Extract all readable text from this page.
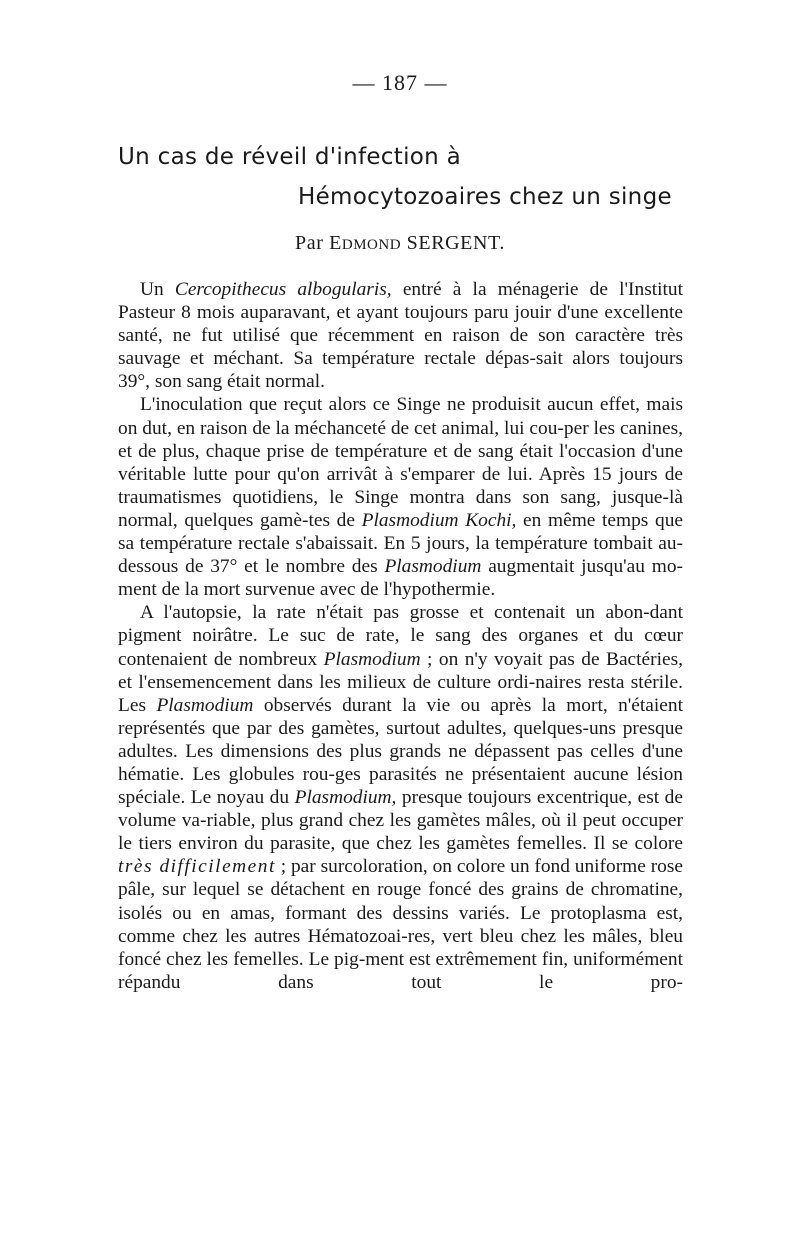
— 187 —
Un cas de réveil d'infection à
Hémocytozoaires chez un singe
Par EDMOND SERGENT.

Un Cercopithecus albogularis, entré à la ménagerie de l'Institut Pasteur 8 mois auparavant, et ayant toujours paru jouir d'une excellente santé, ne fut utilisé que récemment en raison de son caractère très sauvage et méchant. Sa température rectale dépas-sait alors toujours 39°, son sang était normal.

L'inoculation que reçut alors ce Singe ne produisit aucun effet, mais on dut, en raison de la méchanceté de cet animal, lui cou-per les canines, et de plus, chaque prise de température et de sang était l'occasion d'une véritable lutte pour qu'on arrivât à s'emparer de lui. Après 15 jours de traumatismes quotidiens, le Singe montra dans son sang, jusque-là normal, quelques gamè-tes de Plasmodium Kochi, en même temps que sa température rectale s'abaissait. En 5 jours, la température tombait au-dessous de 37° et le nombre des Plasmodium augmentait jusqu'au mo-ment de la mort survenue avec de l'hypothermie.

A l'autopsie, la rate n'était pas grosse et contenait un abon-dant pigment noirâtre. Le suc de rate, le sang des organes et du cœur contenaient de nombreux Plasmodium ; on n'y voyait pas de Bactéries, et l'ensemencement dans les milieux de culture ordi-naires resta stérile. Les Plasmodium observés durant la vie ou après la mort, n'étaient représentés que par des gamètes, surtout adultes, quelques-uns presque adultes. Les dimensions des plus grands ne dépassent pas celles d'une hématie. Les globules rou-ges parasités ne présentaient aucune lésion spéciale. Le noyau du Plasmodium, presque toujours excentrique, est de volume va-riable, plus grand chez les gamètes mâles, où il peut occuper le tiers environ du parasite, que chez les gamètes femelles. Il se colore très difficilement ; par surcoloration, on colore un fond uniforme rose pâle, sur lequel se détachent en rouge foncé des grains de chromatine, isolés ou en amas, formant des dessins variés. Le protoplasma est, comme chez les autres Hématozoai-res, vert bleu chez les mâles, bleu foncé chez les femelles. Le pig-ment est extrêmement fin, uniformément répandu dans tout le pro-
